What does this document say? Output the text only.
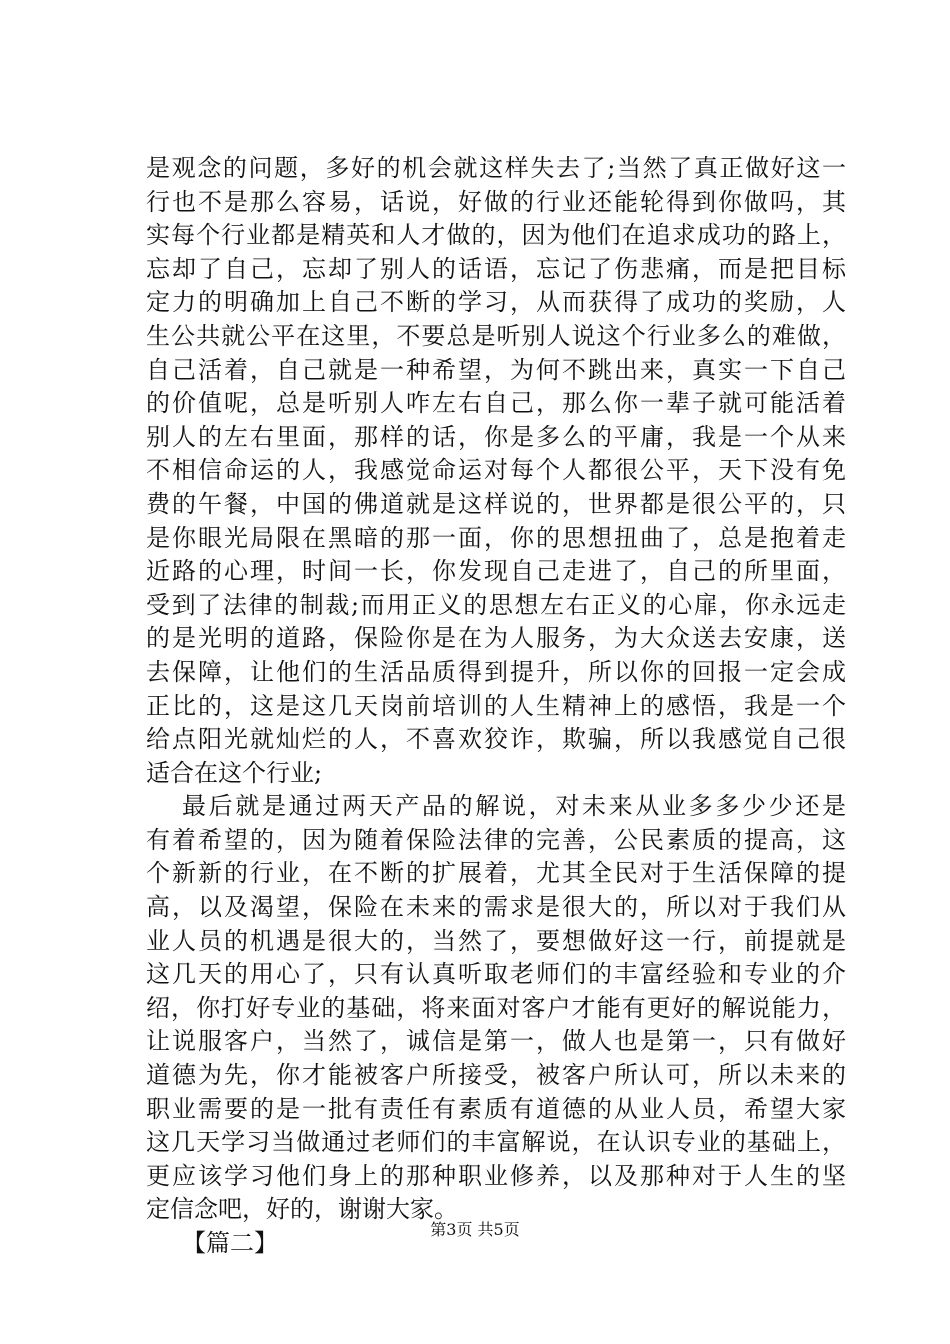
是观念的问题，多好的机会就这样失去了;当然了真正做好这一
行也不是那么容易，话说，好做的行业还能轮得到你做吗，其
实每个行业都是精英和人才做的，因为他们在追求成功的路上，
忘却了自己，忘却了别人的话语，忘记了伤悲痛，而是把目标
定力的明确加上自己不断的学习，从而获得了成功的奖励，人
生公共就公平在这里，不要总是听别人说这个行业多么的难做，
自己活着，自己就是一种希望，为何不跳出来，真实一下自己
的价值呢，总是听别人咋左右自己，那么你一辈子就可能活着
别人的左右里面，那样的话，你是多么的平庸，我是一个从来
不相信命运的人，我感觉命运对每个人都很公平，天下没有免
费的午餐，中国的佛道就是这样说的，世界都是很公平的，只
是你眼光局限在黑暗的那一面，你的思想扭曲了，总是抱着走
近路的心理，时间一长，你发现自己走进了，自己的所里面，
受到了法律的制裁;而用正义的思想左右正义的心扉，你永远走
的是光明的道路，保险你是在为人服务，为大众送去安康，送
去保障，让他们的生活品质得到提升，所以你的回报一定会成
正比的，这是这几天岗前培训的人生精神上的感悟，我是一个
给点阳光就灿烂的人，不喜欢狡诈，欺骗，所以我感觉自己很
适合在这个行业;
最后就是通过两天产品的解说，对未来从业多多少少还是
有着希望的，因为随着保险法律的完善，公民素质的提高，这
个新新的行业，在不断的扩展着，尤其全民对于生活保障的提
高，以及渴望，保险在未来的需求是很大的，所以对于我们从
业人员的机遇是很大的，当然了，要想做好这一行，前提就是
这几天的用心了，只有认真听取老师们的丰富经验和专业的介
绍，你打好专业的基础，将来面对客户才能有更好的解说能力，
让说服客户，当然了，诚信是第一，做人也是第一，只有做好
道德为先，你才能被客户所接受，被客户所认可，所以未来的
职业需要的是一批有责任有素质有道德的从业人员，希望大家
这几天学习当做通过老师们的丰富解说，在认识专业的基础上，
更应该学习他们身上的那种职业修养，以及那种对于人生的坚
定信念吧，好的，谢谢大家。
【篇二】	第3页 共5页
